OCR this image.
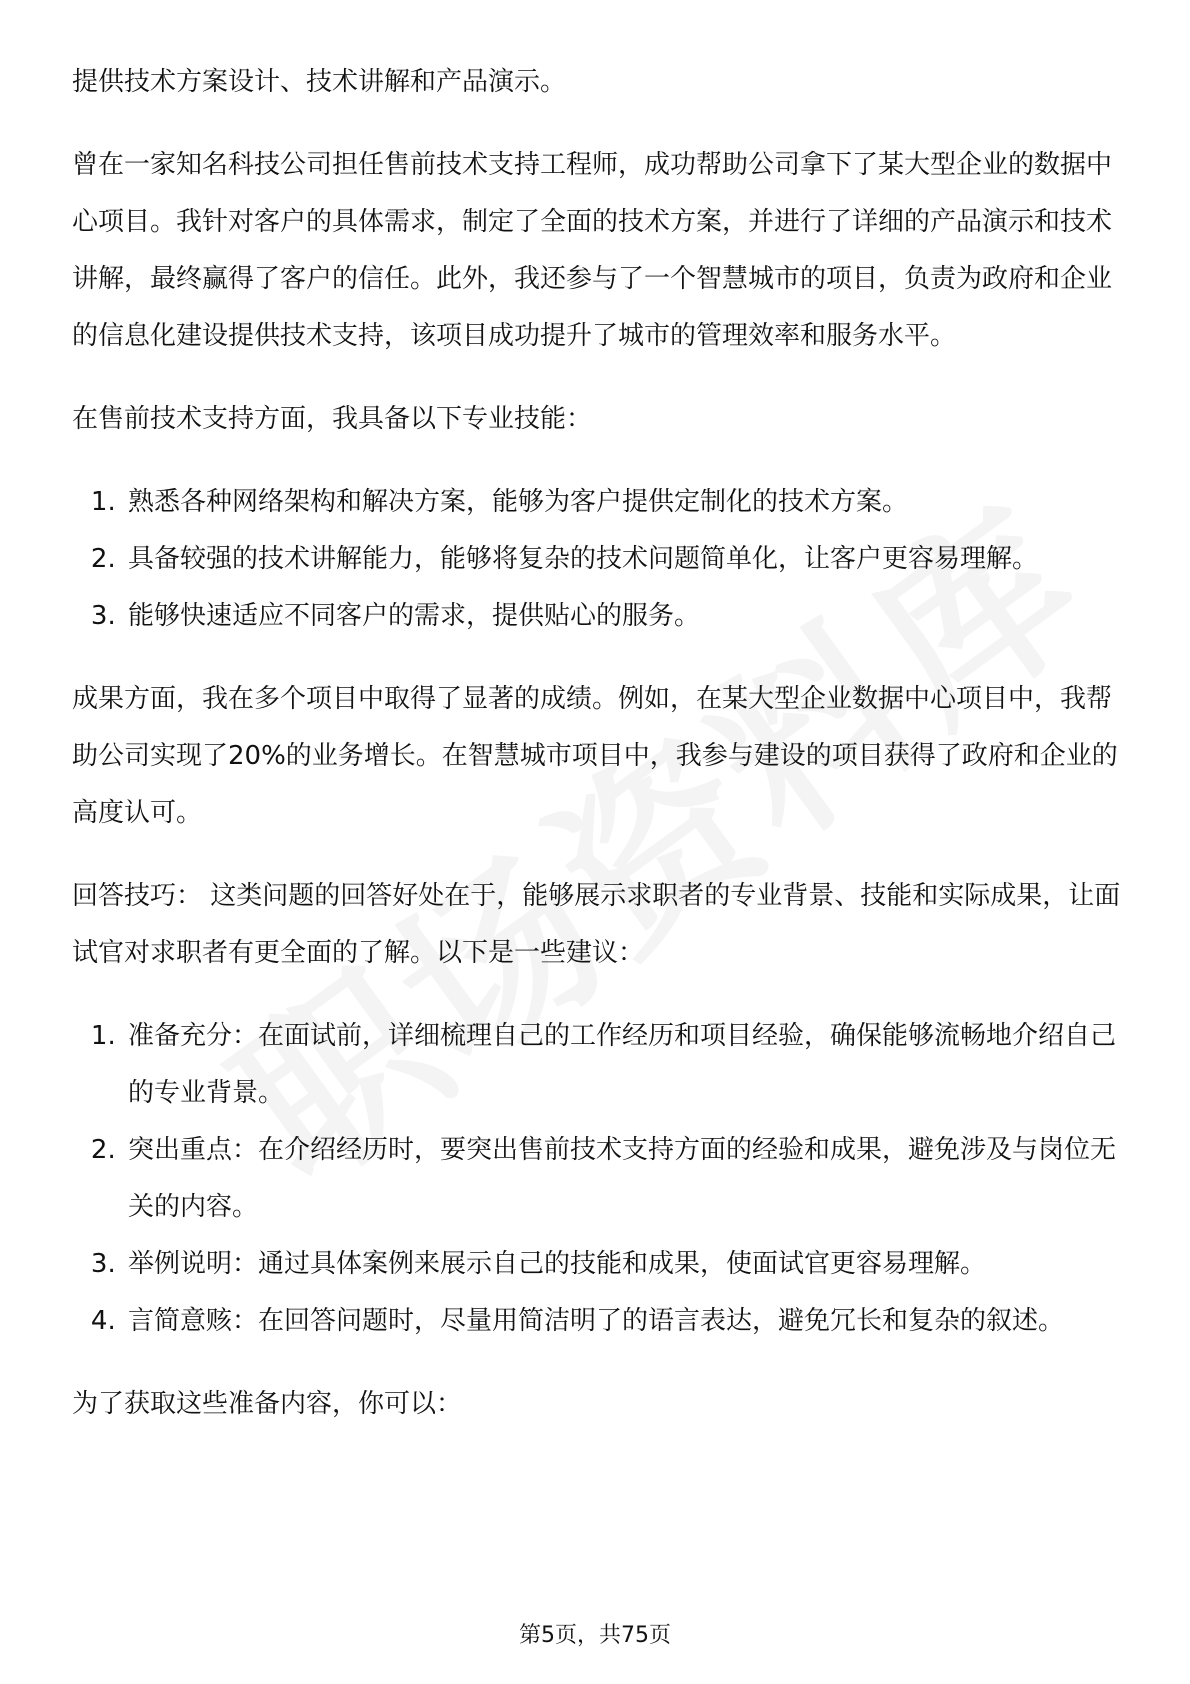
提供技术方案设计、技术讲解和产品演示。

曾在一家知名科技公司担任售前技术支持工程师，成功帮助公司拿下了某大型企业的数据中心项目。我针对客户的具体需求，制定了全面的技术方案，并进行了详细的产品演示和技术讲解，最终赢得了客户的信任。此外，我还参与了一个智慧城市的项目，负责为政府和企业的信息化建设提供技术支持，该项目成功提升了城市的管理效率和服务水平。

在售前技术支持方面，我具备以下专业技能：

1. 熟悉各种网络架构和解决方案，能够为客户提供定制化的技术方案。
2. 具备较强的技术讲解能力，能够将复杂的技术问题简单化，让客户更容易理解。
3. 能够快速适应不同客户的需求，提供贴心的服务。

成果方面，我在多个项目中取得了显著的成绩。例如，在某大型企业数据中心项目中，我帮助公司实现了20%的业务增长。在智慧城市项目中，我参与建设的项目获得了政府和企业的高度认可。

回答技巧： 这类问题的回答好处在于，能够展示求职者的专业背景、技能和实际成果，让面试官对求职者有更全面的了解。以下是一些建议：

1. 准备充分：在面试前，详细梳理自己的工作经历和项目经验，确保能够流畅地介绍自己的专业背景。
2. 突出重点：在介绍经历时，要突出售前技术支持方面的经验和成果，避免涉及与岗位无关的内容。
3. 举例说明：通过具体案例来展示自己的技能和成果，使面试官更容易理解。
4. 言简意赅：在回答问题时，尽量用简洁明了的语言表达，避免冗长和复杂的叙述。

为了获取这些准备内容，你可以：

第5页，共75页
